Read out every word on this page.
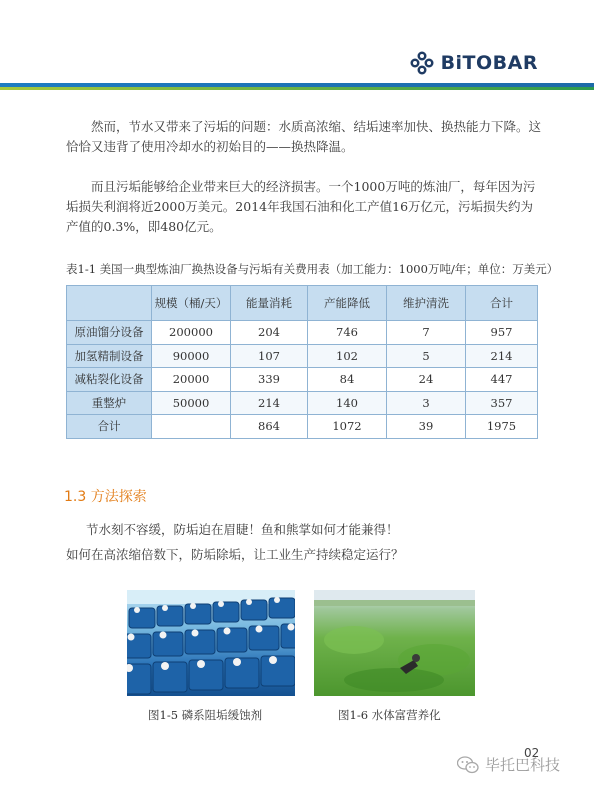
BiTOBAR

然而，节水又带来了污垢的问题：水质高浓缩、结垢速率加快、换热能力下降。这恰恰又违背了使用冷却水的初始目的——换热降温。

而且污垢能够给企业带来巨大的经济损害。一个1000万吨的炼油厂，每年因为污垢损失利润将近2000万美元。2014年我国石油和化工产值16万亿元，污垢损失约为产值的0.3%，即480亿元。

表1-1 美国一典型炼油厂换热设备与污垢有关费用表（加工能力：1000万吨/年；单位：万美元）
	规模（桶/天）	能量消耗	产能降低	维护清洗	合计
原油馏分设备	200000	204	746	7	957
加氢精制设备	90000	107	102	5	214
减粘裂化设备	20000	339	84	24	447
重整炉	50000	214	140	3	357
合计		864	1072	39	1975
1.3 方法探索
节水刻不容缓，防垢迫在眉睫！鱼和熊掌如何才能兼得！
如何在高浓缩倍数下，防垢除垢，让工业生产持续稳定运行？
图1-5 磷系阻垢缓蚀剂	图1-6 水体富营养化
02
毕托巴科技
